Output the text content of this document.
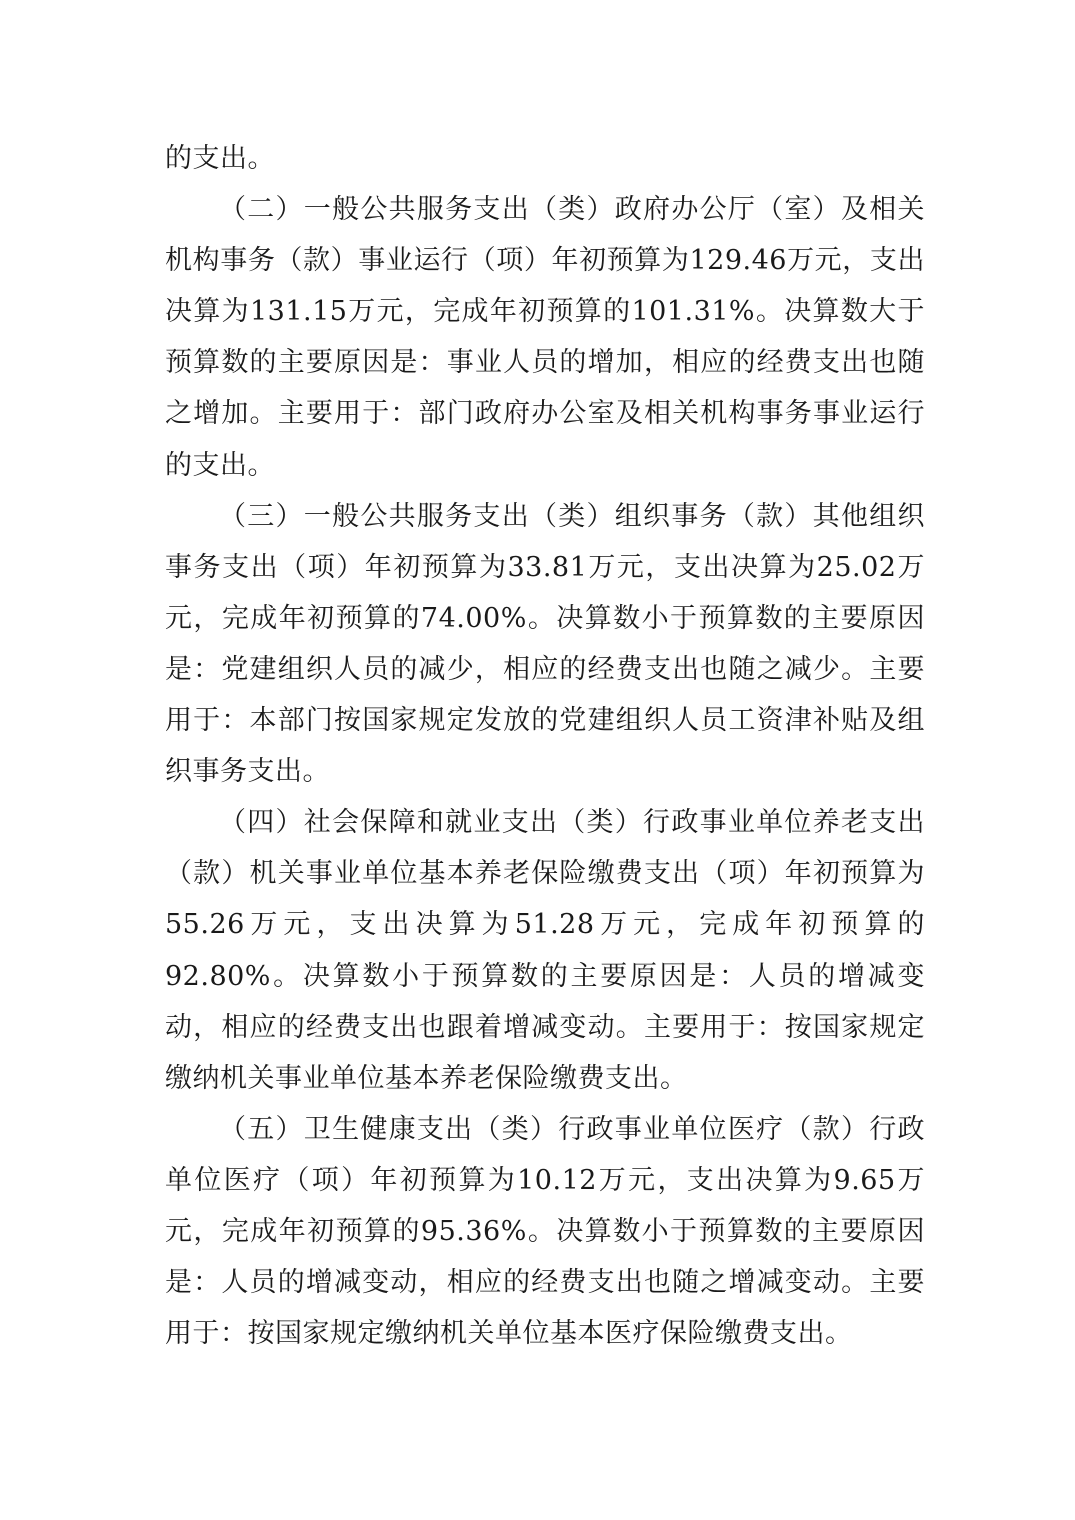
的支出。

（二）一般公共服务支出（类）政府办公厅（室）及相关机构事务（款）事业运行（项）年初预算为129.46万元，支出决算为131.15万元，完成年初预算的101.31%。决算数大于预算数的主要原因是：事业人员的增加，相应的经费支出也随之增加。主要用于：部门政府办公室及相关机构事务事业运行的支出。

（三）一般公共服务支出（类）组织事务（款）其他组织事务支出（项）年初预算为33.81万元，支出决算为25.02万元，完成年初预算的74.00%。决算数小于预算数的主要原因是：党建组织人员的减少，相应的经费支出也随之减少。主要用于：本部门按国家规定发放的党建组织人员工资津补贴及组织事务支出。

（四）社会保障和就业支出（类）行政事业单位养老支出（款）机关事业单位基本养老保险缴费支出（项）年初预算为55.26万元，支出决算为51.28万元，完成年初预算的92.80%。决算数小于预算数的主要原因是：人员的增减变动，相应的经费支出也跟着增减变动。主要用于：按国家规定缴纳机关事业单位基本养老保险缴费支出。

（五）卫生健康支出（类）行政事业单位医疗（款）行政单位医疗（项）年初预算为10.12万元，支出决算为9.65万元，完成年初预算的95.36%。决算数小于预算数的主要原因是：人员的增减变动，相应的经费支出也随之增减变动。主要用于：按国家规定缴纳机关单位基本医疗保险缴费支出。
